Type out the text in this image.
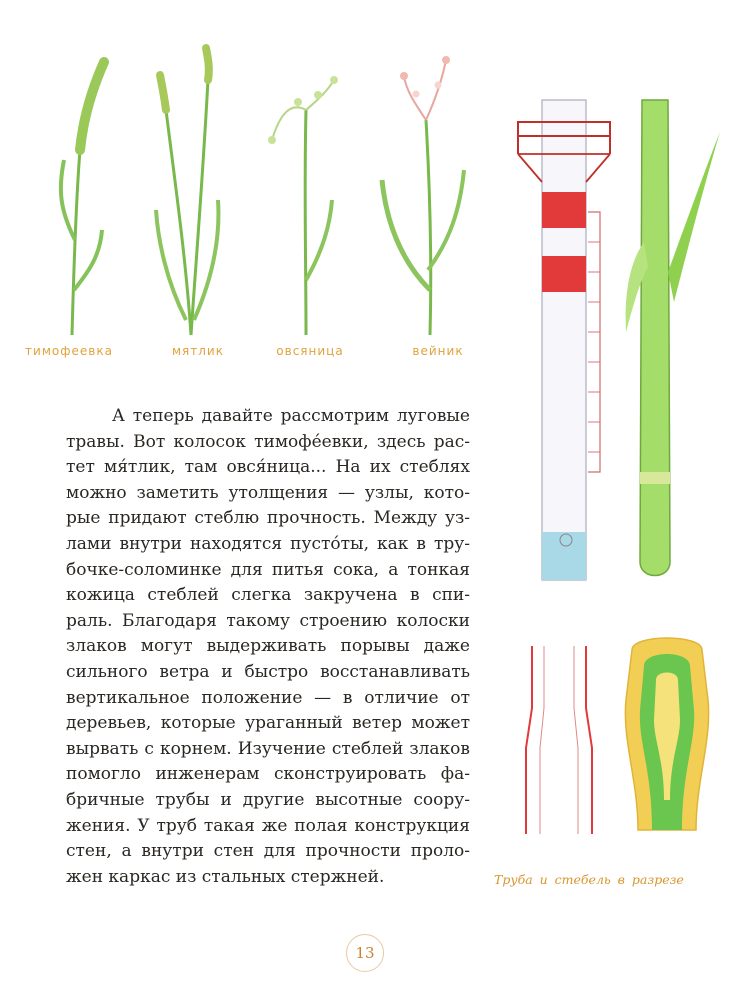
тимофеевка	мятлик	овсяница	вейник
А теперь давайте рассмотрим луговые
травы. Вот колосок тимофе́евки, здесь рас-
тет мя́тлик, там овся́ница... На их стеблях
можно заметить утолщения — узлы, кото-
рые придают стеблю прочность. Между уз-
лами внутри находятся пусто́ты, как в тру-
бочке-соломинке для питья сока, а тонкая
кожица стеблей слегка закручена в спи-
раль. Благодаря такому строению колоски
злаков могут выдерживать порывы даже
сильного ветра и быстро восстанавливать
вертикальное положение — в отличие от
деревьев, которые ураганный ветер может
вырвать с корнем. Изучение стеблей злаков
помогло инженерам сконструировать фа-
бричные трубы и другие высотные соору-
жения. У труб такая же полая конструкция
стен, а внутри стен для прочности проло-
жен каркас из стальных стержней.	Труба и стебель в разрезе
13
